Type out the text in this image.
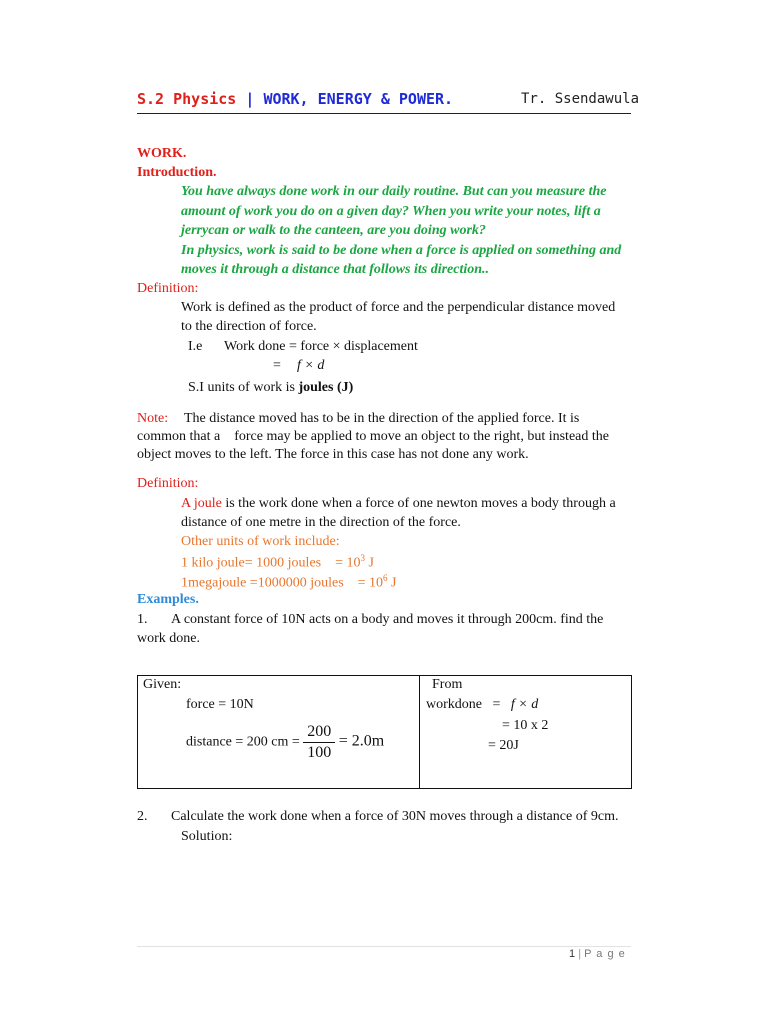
S.2 Physics | WORK, ENERGY & POWER.	Tr. Ssendawula
WORK.
Introduction.
You have always done work in our daily routine. But can you measure the
amount of work you do on a given day? When you write your notes, lift a
jerrycan or walk to the canteen, are you doing work?
In physics, work is said to be done when a force is applied on something and
moves it through a distance that follows its direction..
Definition:
Work is defined as the product of force and the perpendicular distance moved
to the direction of force.
I.e Work done = force × displacement
= f × d
S.I units of work is joules (J)
Note: The distance moved has to be in the direction of the applied force. It is
common that a    force may be applied to move an object to the right, but instead the
object moves to the left. The force in this case has not done any work.
Definition:
A joule is the work done when a force of one newton moves a body through a
distance of one metre in the direction of the force.
Other units of work include:
1 kilo joule= 1000 joules    = $10^3$ J
1megajoule =1000000 joules    = $10^6$ J
Examples.
1. A constant force of 10N acts on a body and moves it through 200cm. find the
work done.
Given:
force = 10N
distance = 200 cm = $\frac{200}{100} = 2.0m$

From
workdone   = f × d
= 10 x 2
= 20J
2. Calculate the work done when a force of 30N moves through a distance of 9cm.
Solution:
1 | P a g e
